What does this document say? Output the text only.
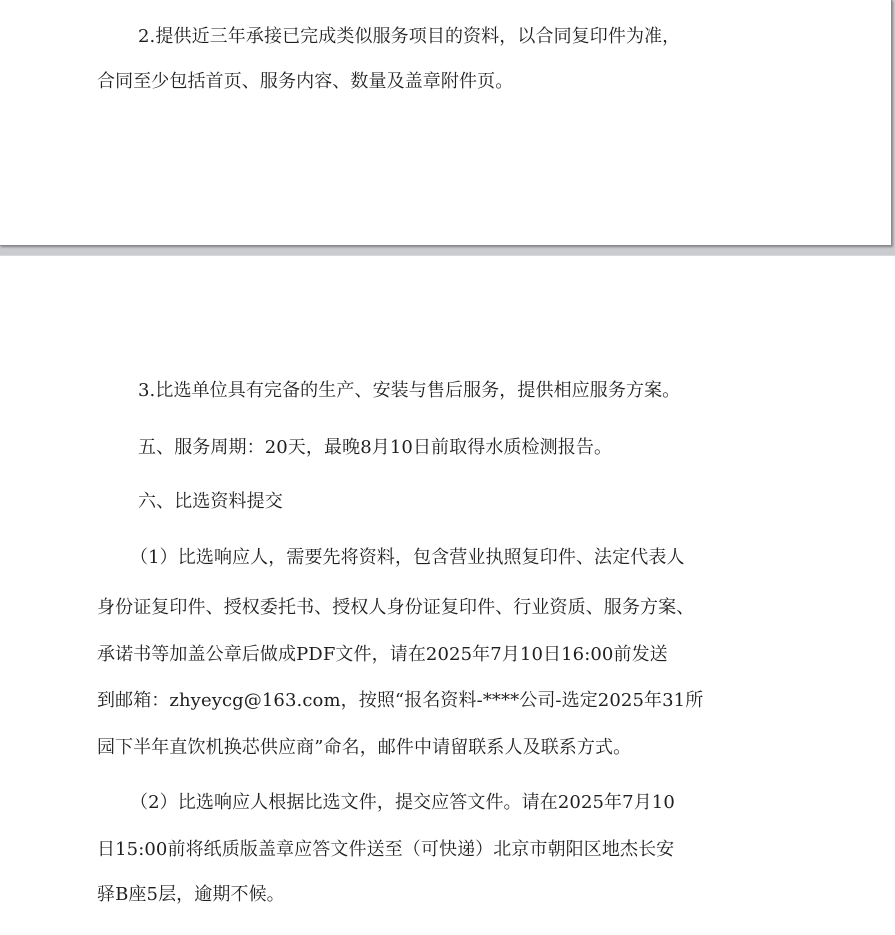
2.提供近三年承接已完成类似服务项目的资料，以合同复印件为准，
合同至少包括首页、服务内容、数量及盖章附件页。
3.比选单位具有完备的生产、安装与售后服务，提供相应服务方案。
五、服务周期：20天，最晚8月10日前取得水质检测报告。
六、比选资料提交
（1）比选响应人，需要先将资料，包含营业执照复印件、法定代表人
身份证复印件、授权委托书、授权人身份证复印件、行业资质、服务方案、
承诺书等加盖公章后做成PDF文件，请在2025年7月10日16:00前发送
到邮箱：zhyeycg@163.com，按照“报名资料-****公司-选定2025年31所
园下半年直饮机换芯供应商”命名，邮件中请留联系人及联系方式。
（2）比选响应人根据比选文件，提交应答文件。请在2025年7月10
日15:00前将纸质版盖章应答文件送至（可快递）北京市朝阳区地杰长安
驿B座5层，逾期不候。
